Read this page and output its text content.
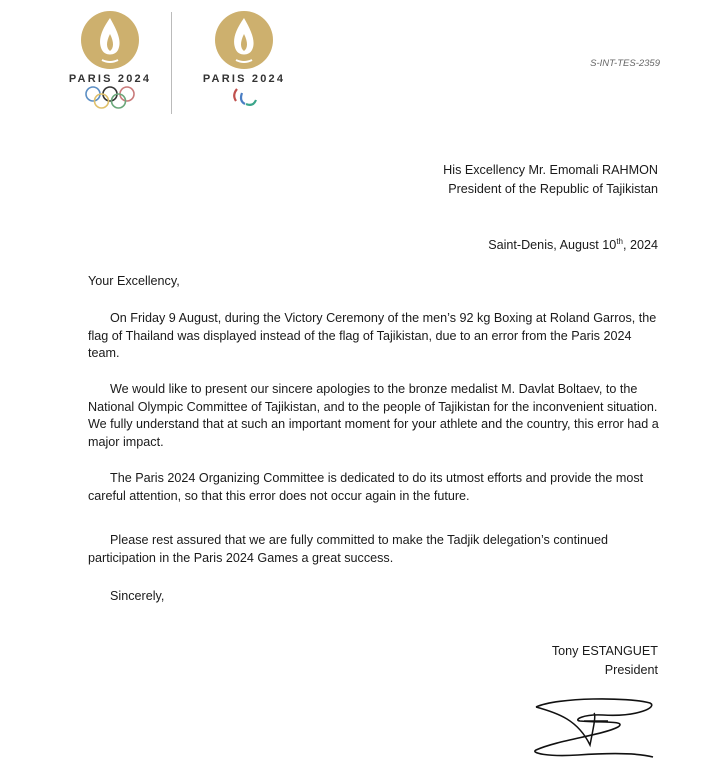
PARIS 2024	PARIS 2024
S-INT-TES-2359
His Excellency Mr. Emomali RAHMON
President of the Republic of Tajikistan
Saint-Denis, August 10th, 2024
Your Excellency,

On Friday 9 August, during the Victory Ceremony of the men’s 92 kg Boxing at Roland Garros, the flag of Thailand was displayed instead of the flag of Tajikistan, due to an error from the Paris 2024 team.

We would like to present our sincere apologies to the bronze medalist M. Davlat Boltaev, to the National Olympic Committee of Tajikistan, and to the people of Tajikistan for the inconvenient situation. We fully understand that at such an important moment for your athlete and the country, this error had a major impact.

The Paris 2024 Organizing Committee is dedicated to do its utmost efforts and provide the most careful attention, so that this error does not occur again in the future.

Please rest assured that we are fully committed to make the Tadjik delegation’s continued participation in the Paris 2024 Games a great success.

Sincerely,
Tony ESTANGUET
President
